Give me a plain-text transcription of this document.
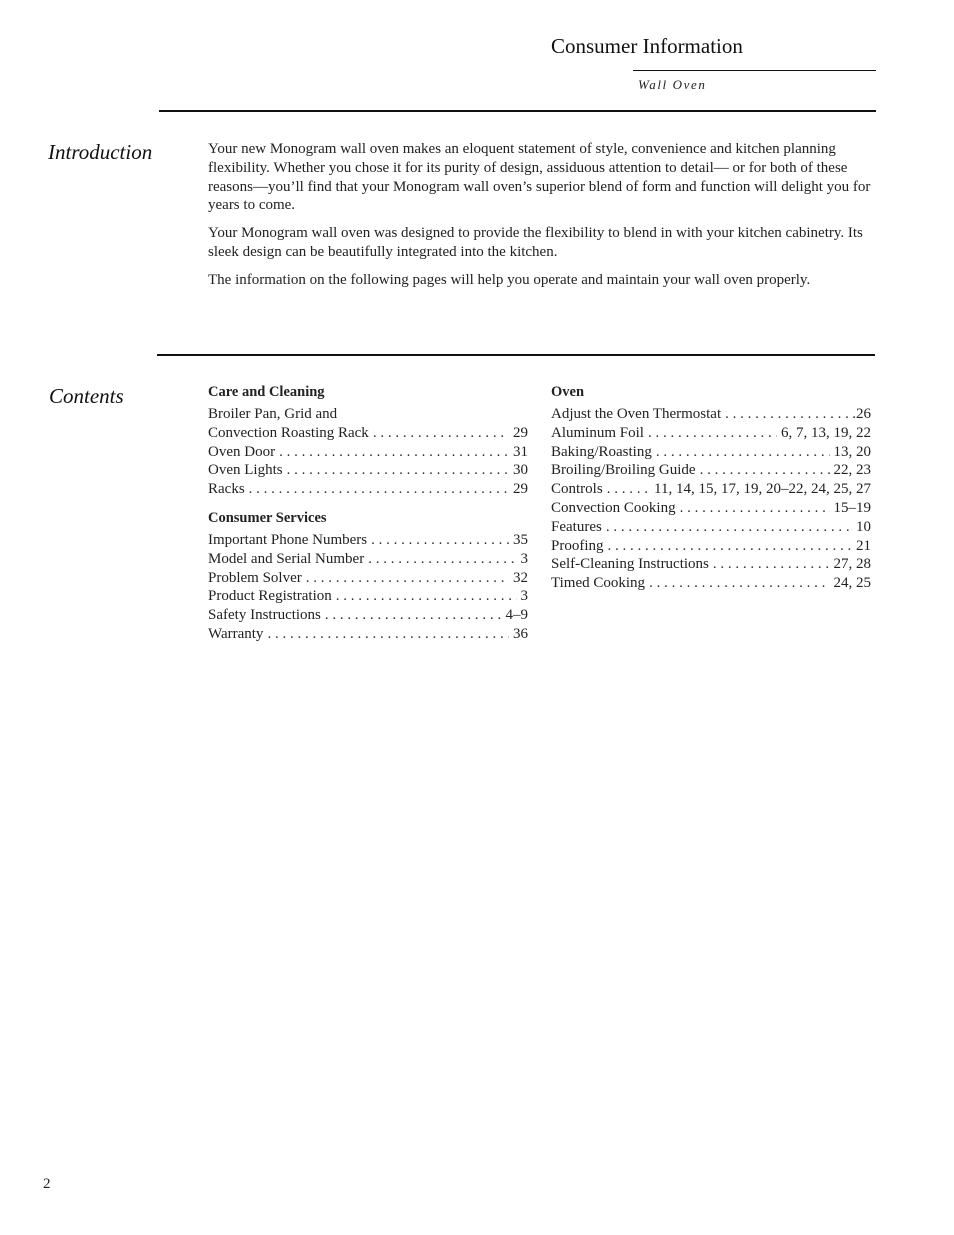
Consumer Information
Wall Oven
Introduction	Your new Monogram wall oven makes an eloquent statement of style, convenience and kitchen planning flexibility. Whether you chose it for its purity of design, assiduous attention to detail— or for both of these reasons—you’ll find that your Monogram wall oven’s superior blend of form and function will delight you for years to come.

Your Monogram wall oven was designed to provide the flexibility to blend in with your kitchen cabinetry. Its sleek design can be beautifully integrated into the kitchen.

The information on the following pages will help you operate and maintain your wall oven properly.

Contents	Care and Cleaning
Broiler Pan, Grid and
Convection Roasting Rack . . .	29
Oven Door . . .	31
Oven Lights . . .	30
Racks . . .	29
Consumer Services
Important Phone Numbers . . .	35
Model and Serial Number . . .	3
Problem Solver . . .	32
Product Registration . . .	3
Safety Instructions . . .	4–9
Warranty . . .	36
Oven
Adjust the Oven Thermostat . . .	.26
Aluminum Foil . . .	6, 7, 13, 19, 22
Baking/Roasting . . .	13, 20
Broiling/Broiling Guide . . .	22, 23
Controls . . .	11, 14, 15, 17, 19, 20–22, 24, 25, 27
Convection Cooking . . .	15–19
Features . . .	10
Proofing . . .	21
Self-Cleaning Instructions . . .	27, 28
Timed Cooking . . .	24, 25
2
